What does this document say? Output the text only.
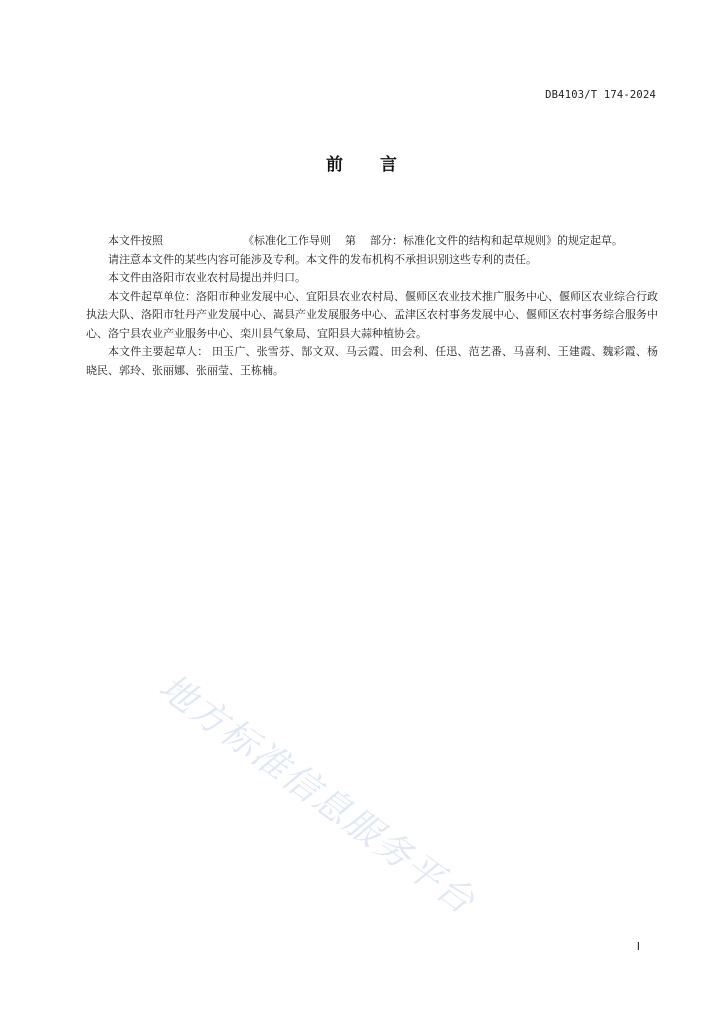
DB4103/T 174-2024
前 言

本文件按照	《标准化工作导则 第 部分：标准化文件的结构和起草规则》的规定起草。

请注意本文件的某些内容可能涉及专利。本文件的发布机构不承担识别这些专利的责任。

本文件由洛阳市农业农村局提出并归口。

本文件起草单位：洛阳市种业发展中心、宜阳县农业农村局、偃师区农业技术推广服务中心、偃师区农业综合行政执法大队、洛阳市牡丹产业发展中心、嵩县产业发展服务中心、孟津区农村事务发展中心、偃师区农村事务综合服务中心、洛宁县农业产业服务中心、栾川县气象局、宜阳县大蒜种植协会。

本文件主要起草人： 田玉广、张雪芬、郜文双、马云霞、田会利、任迅、范艺番、马喜利、王建霞、魏彩霞、杨晓民、郭玲、张丽娜、张丽莹、王栋楠。

I
地方标准信息服务平台
